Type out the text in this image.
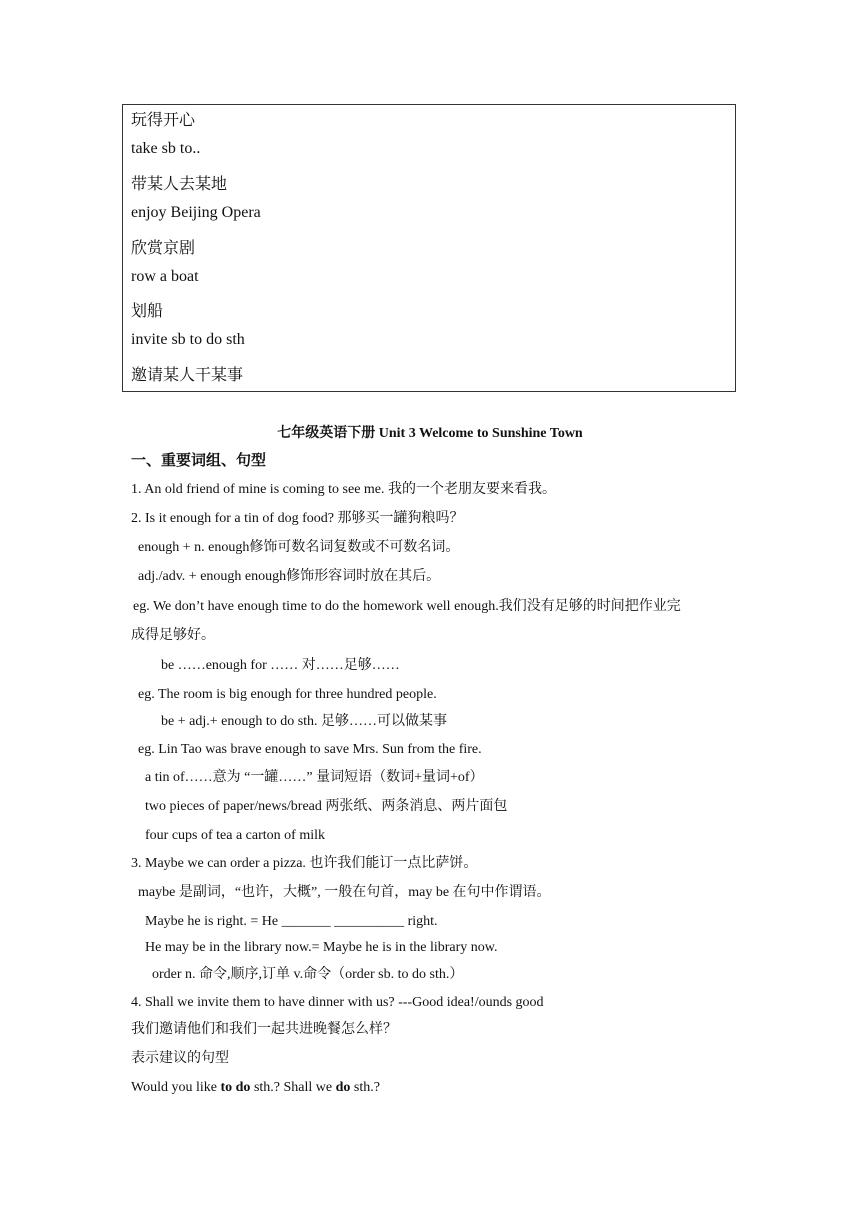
玩得开心
take sb to..
带某人去某地
enjoy Beijing Opera
欣赏京剧
row a boat
划船
invite sb to do sth
邀请某人干某事
七年级英语下册 Unit 3 Welcome to Sunshine Town
一、重要词组、句型
1. An old friend of mine is coming to see me. 我的一个老朋友要来看我。
2. Is it enough for a tin of dog food? 那够买一罐狗粮吗？
enough + n. enough修饰可数名词复数或不可数名词。
adj./adv. + enough enough修饰形容词时放在其后。
eg. We don’t have enough time to do the homework well enough.我们没有足够的时间把作业完
成得足够好。
be ……enough for …… 对……足够……
eg. The room is big enough for three hundred people.
be + adj.+ enough to do sth. 足够……可以做某事
eg. Lin Tao was brave enough to save Mrs. Sun from the fire.
a tin of……意为 “一罐……” 量词短语（数词+量词+of）
two pieces of paper/news/bread 两张纸、两条消息、两片面包
four cups of tea a carton of milk
3. Maybe we can order a pizza. 也许我们能订一点比萨饼。
maybe 是副词，“也许，大概”, 一般在句首，may be 在句中作谓语。
Maybe he is right. = He _______ __________ right.
He may be in the library now.= Maybe he is in the library now.
order n. 命令,顺序,订单 v.命令（order sb. to do sth.）
4. Shall we invite them to have dinner with us? ---Good idea!/ounds good
我们邀请他们和我们一起共进晚餐怎么样？
表示建议的句型
Would you like to do sth.? Shall we do sth.?
